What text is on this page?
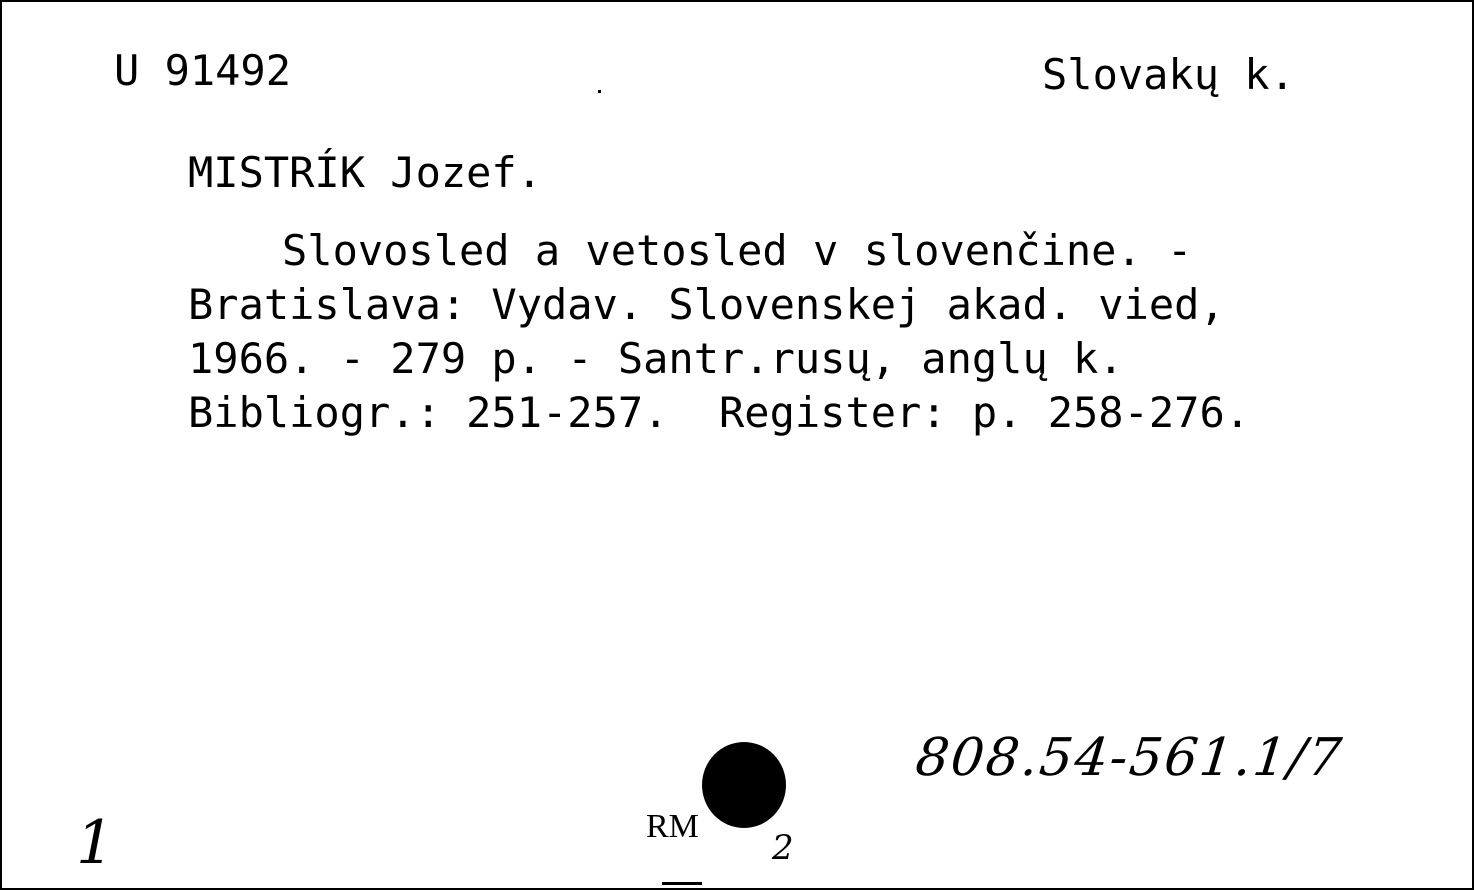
U 91492	Slovakų k.

MISTRÍK Jozef.

Slovosled a vetosled v slovenčine. -

Bratislava: Vydav. Slovenskej akad. vied,

1966. - 279 p. - Santr.rusų, anglų k.

Bibliogr.: 251-257.  Register: p. 258-276.

808.54-561.1/7

1	RM

2
